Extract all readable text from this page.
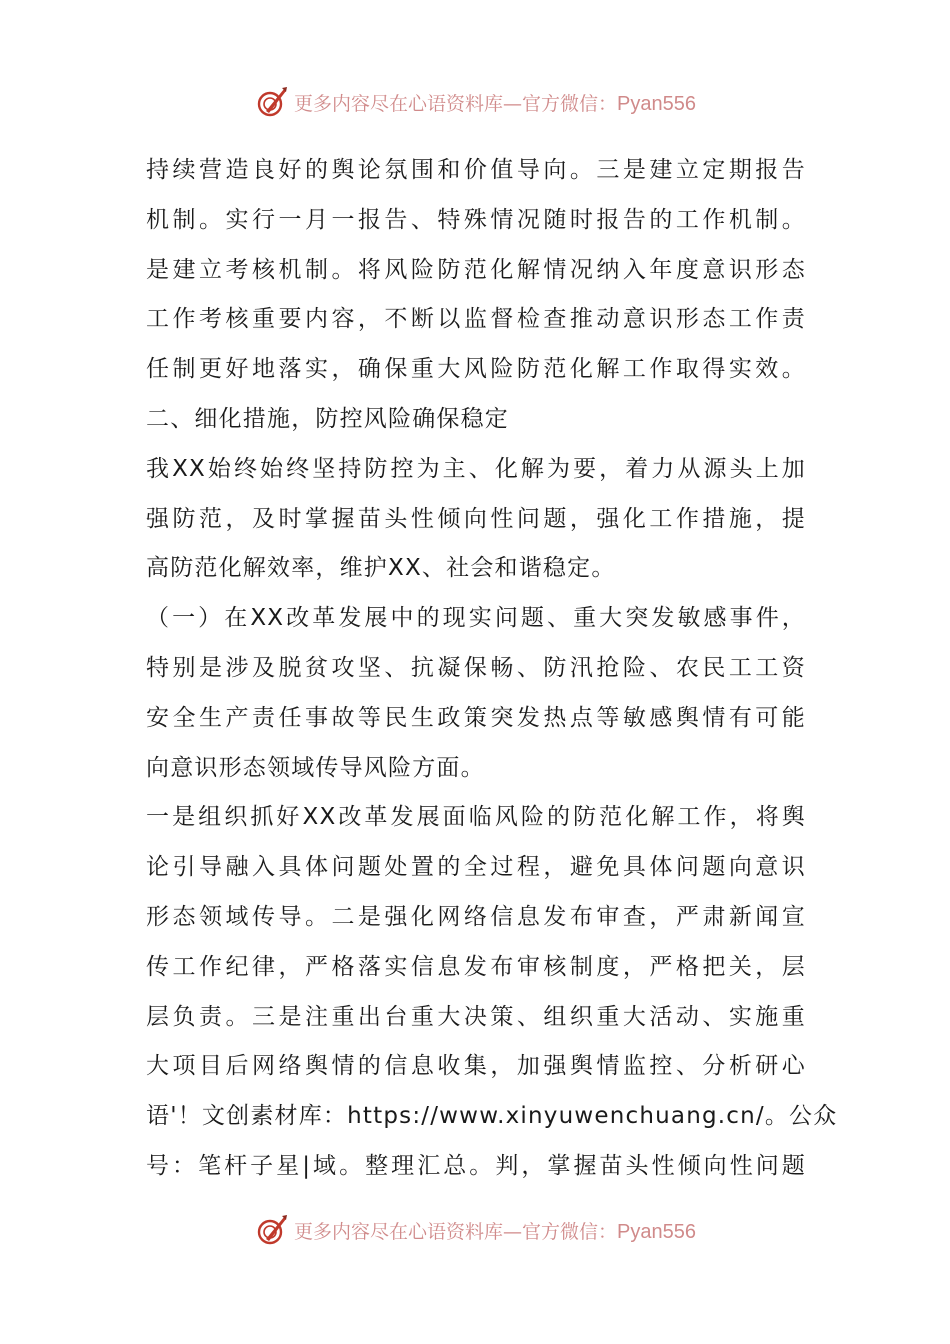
更多内容尽在心语资料库—官方微信：Pyan556
持续营造良好的舆论氛围和价值导向。三是建立定期报告
机制。实行一月一报告、特殊情况随时报告的工作机制。
是建立考核机制。将风险防范化解情况纳入年度意识形态
工作考核重要内容，不断以监督检查推动意识形态工作责
任制更好地落实，确保重大风险防范化解工作取得实效。
二、细化措施，防控风险确保稳定
我XX始终始终坚持防控为主、化解为要，着力从源头上加
强防范，及时掌握苗头性倾向性问题，强化工作措施，提
高防范化解效率，维护XX、社会和谐稳定。
（一）在XX改革发展中的现实问题、重大突发敏感事件，
特别是涉及脱贫攻坚、抗凝保畅、防汛抢险、农民工工资
安全生产责任事故等民生政策突发热点等敏感舆情有可能
向意识形态领域传导风险方面。
一是组织抓好XX改革发展面临风险的防范化解工作，将舆
论引导融入具体问题处置的全过程，避免具体问题向意识
形态领域传导。二是强化网络信息发布审查，严肃新闻宣
传工作纪律，严格落实信息发布审核制度，严格把关，层
层负责。三是注重出台重大决策、组织重大活动、实施重
大项目后网络舆情的信息收集，加强舆情监控、分析研心
语'！文创素材库：https://www.xinyuwenchuang.cn/。公众
号：笔杆子星|域。整理汇总。判，掌握苗头性倾向性问题
更多内容尽在心语资料库—官方微信：Pyan556
